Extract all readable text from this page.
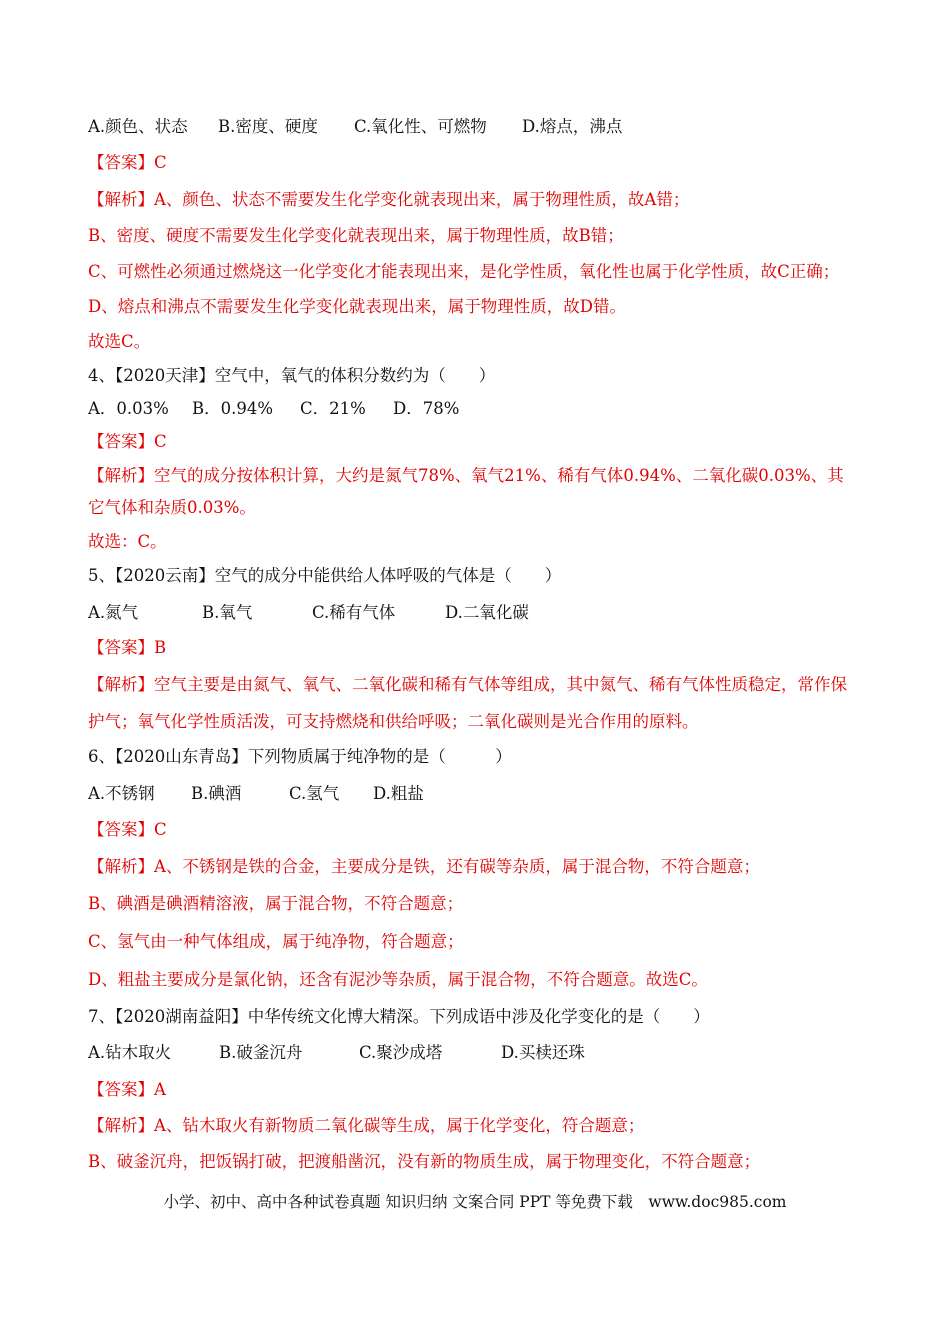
A.颜色、状态 B.密度、硬度 C.氧化性、可燃物 D.熔点，沸点
【答案】C
【解析】A、颜色、状态不需要发生化学变化就表现出来，属于物理性质，故A错；
B、密度、硬度不需要发生化学变化就表现出来，属于物理性质，故B错；
C、可燃性必须通过燃烧这一化学变化才能表现出来，是化学性质，氧化性也属于化学性质，故C正确；
D、熔点和沸点不需要发生化学变化就表现出来，属于物理性质，故D错。
故选C。
4、【2020天津】空气中，氧气的体积分数约为（　　）
A．0.03% B．0.94% C．21% D．78%
【答案】C
【解析】空气的成分按体积计算，大约是氮气78%、氧气21%、稀有气体0.94%、二氧化碳0.03%、其
它气体和杂质0.03%。
故选：C。
5、【2020云南】空气的成分中能供给人体呼吸的气体是（　　）
A.氮气	B.氧气	C.稀有气体	D.二氧化碳
【答案】B
【解析】空气主要是由氮气、氧气、二氧化碳和稀有气体等组成，其中氮气、稀有气体性质稳定，常作保
护气；氧气化学性质活泼，可支持燃烧和供给呼吸；二氧化碳则是光合作用的原料。
6、【2020山东青岛】下列物质属于纯净物的是（　　　）
A.不锈钢 B.碘酒	C.氢气 D.粗盐
【答案】C
【解析】A、不锈钢是铁的合金，主要成分是铁，还有碳等杂质，属于混合物，不符合题意；
B、碘酒是碘酒精溶液，属于混合物，不符合题意；
C、氢气由一种气体组成，属于纯净物，符合题意；
D、粗盐主要成分是氯化钠，还含有泥沙等杂质，属于混合物，不符合题意。故选C。
7、【2020湖南益阳】中华传统文化博大精深。下列成语中涉及化学变化的是（　　）
A.钻木取火	B.破釜沉舟	C.聚沙成塔	D.买椟还珠
【答案】A
【解析】A、钻木取火有新物质二氧化碳等生成，属于化学变化，符合题意；
B、破釜沉舟，把饭锅打破，把渡船凿沉，没有新的物质生成，属于物理变化，不符合题意；
小学、初中、高中各种试卷真题 知识归纳 文案合同 PPT 等免费下载　www.doc985.com
